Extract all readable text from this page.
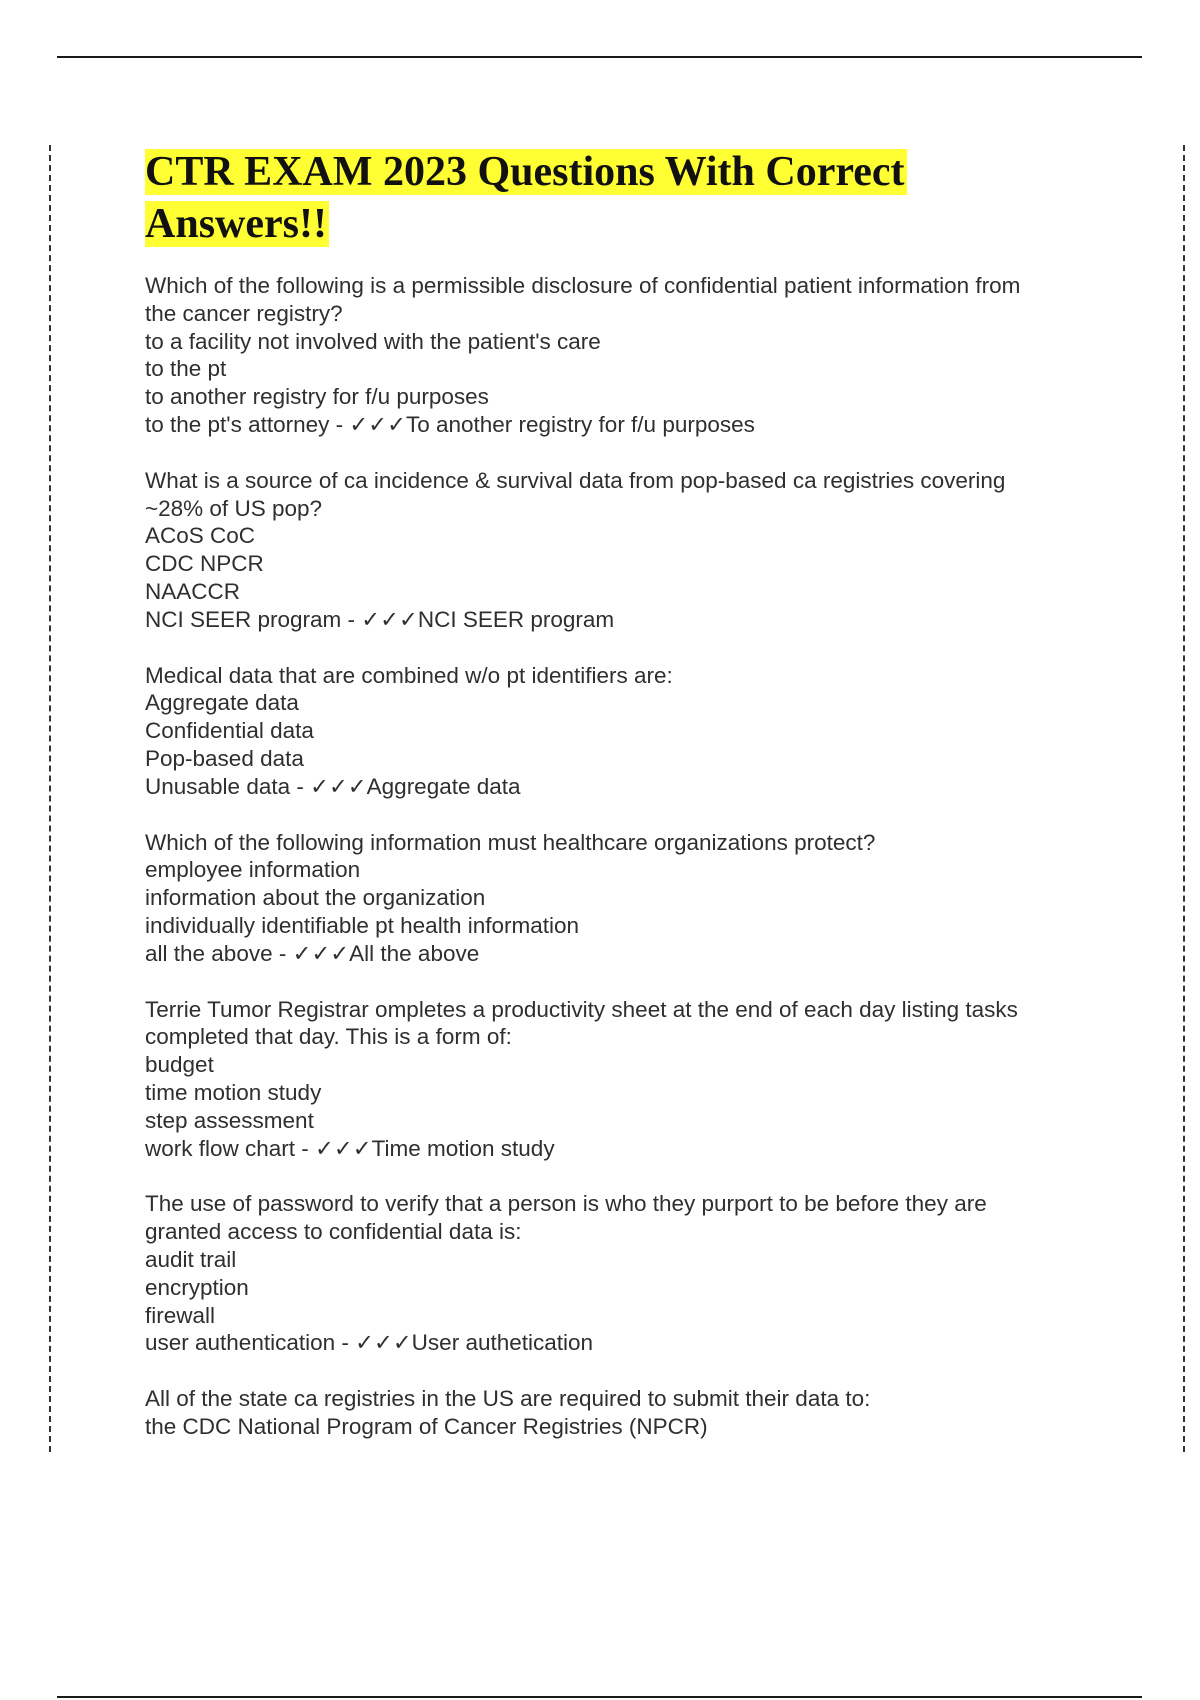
CTR EXAM 2023 Questions With Correct
Answers!!
Which of the following is a permissible disclosure of confidential patient information from
the cancer registry?
to a facility not involved with the patient's care
to the pt
to another registry for f/u purposes
to the pt's attorney - ✓✓✓To another registry for f/u purposes
What is a source of ca incidence & survival data from pop-based ca registries covering
~28% of US pop?
ACoS CoC
CDC NPCR
NAACCR
NCI SEER program - ✓✓✓NCI SEER program
Medical data that are combined w/o pt identifiers are:
Aggregate data
Confidential data
Pop-based data
Unusable data - ✓✓✓Aggregate data
Which of the following information must healthcare organizations protect?
employee information
information about the organization
individually identifiable pt health information
all the above - ✓✓✓All the above
Terrie Tumor Registrar ompletes a productivity sheet at the end of each day listing tasks
completed that day. This is a form of:
budget
time motion study
step assessment
work flow chart - ✓✓✓Time motion study
The use of password to verify that a person is who they purport to be before they are
granted access to confidential data is:
audit trail
encryption
firewall
user authentication - ✓✓✓User authetication
All of the state ca registries in the US are required to submit their data to:
the CDC National Program of Cancer Registries (NPCR)
